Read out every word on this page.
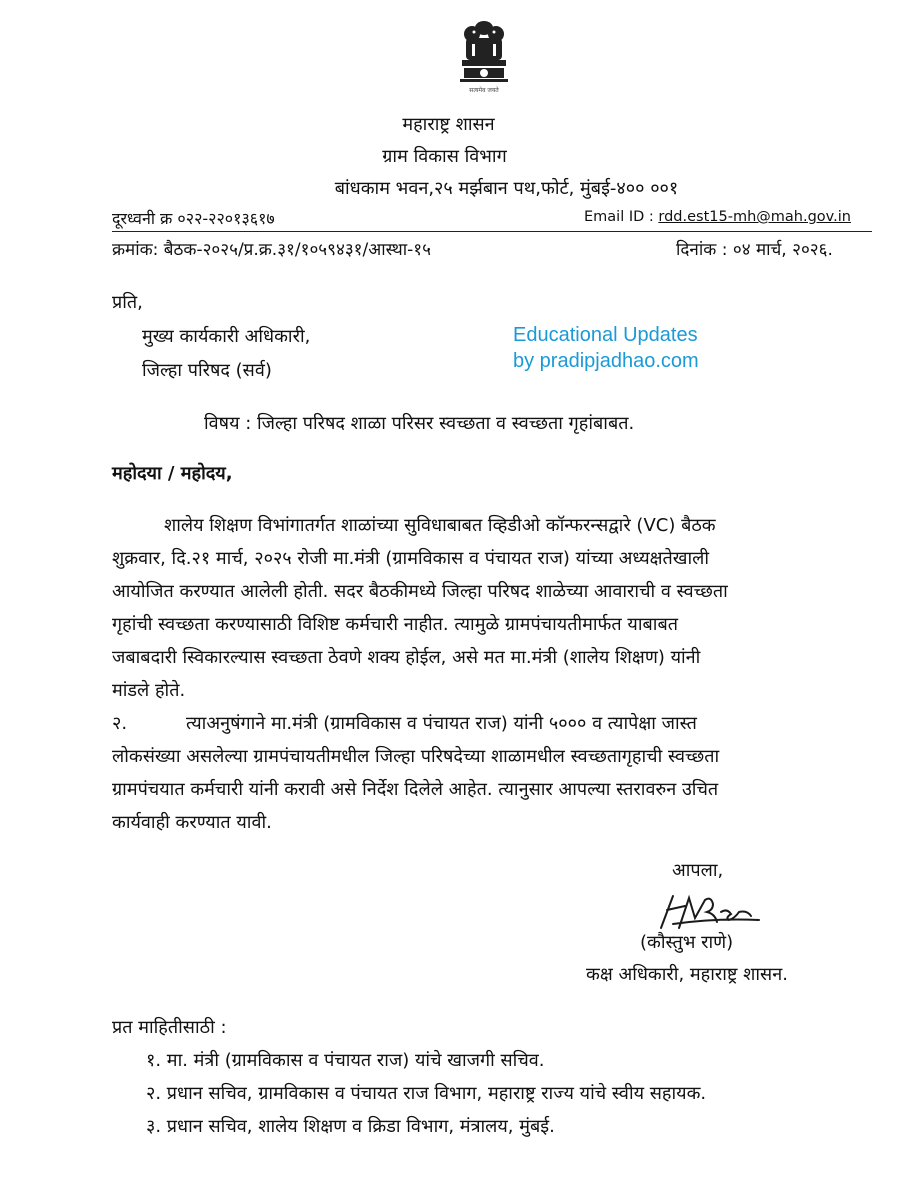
सत्यमेव जयते
महाराष्ट्र शासन
ग्राम विकास विभाग
बांधकाम भवन,२५ मर्झबान पथ,फोर्ट, मुंबई-४०० ००१
दूरध्वनी क्र ०२२-२२०१३६१७	Email ID : rdd.est15-mh@mah.gov.in
क्रमांक: बैठक-२०२५/प्र.क्र.३१/१०५९४३१/आस्था-१५	दिनांक : ०४ मार्च, २०२६.
प्रति,
मुख्य कार्यकारी अधिकारी,
जिल्हा परिषद (सर्व)
Educational Updates
by pradipjadhao.com
विषय : जिल्हा परिषद शाळा परिसर स्वच्छता व स्वच्छता गृहांबाबत.
महोदया / महोदय,
शालेय शिक्षण विभांगातर्गत शाळांच्या सुविधाबाबत व्हिडीओ कॉन्फरन्सद्वारे (VC) बैठक
शुक्रवार, दि.२१ मार्च, २०२५ रोजी मा.मंत्री (ग्रामविकास व पंचायत राज) यांच्या अध्यक्षतेखाली
आयोजित करण्यात आलेली होती. सदर बैठकीमध्ये जिल्हा परिषद शाळेच्या आवाराची व स्वच्छता
गृहांची स्वच्छता करण्यासाठी विशिष्ट कर्मचारी नाहीत. त्यामुळे ग्रामपंचायतीमार्फत याबाबत
जबाबदारी स्विकारल्यास स्वच्छता ठेवणे शक्य होईल, असे मत मा.मंत्री (शालेय शिक्षण) यांनी
मांडले होते.
२.	त्याअनुषंगाने मा.मंत्री (ग्रामविकास व पंचायत राज) यांनी ५००० व त्यापेक्षा जास्त
लोकसंख्या असलेल्या ग्रामपंचायतीमधील जिल्हा परिषदेच्या शाळामधील स्वच्छतागृहाची स्वच्छता
ग्रामपंचयात कर्मचारी यांनी करावी असे निर्देश दिलेले आहेत. त्यानुसार आपल्या स्तरावरुन उचित
कार्यवाही करण्यात यावी.
आपला,
(कौस्तुभ राणे)
कक्ष अधिकारी, महाराष्ट्र शासन.
प्रत माहितीसाठी :
१. मा. मंत्री (ग्रामविकास व पंचायत राज) यांचे खाजगी सचिव.
२. प्रधान सचिव, ग्रामविकास व पंचायत राज विभाग, महाराष्ट्र राज्य यांचे स्वीय सहायक.
३. प्रधान सचिव, शालेय शिक्षण व क्रिडा विभाग, मंत्रालय, मुंबई.
